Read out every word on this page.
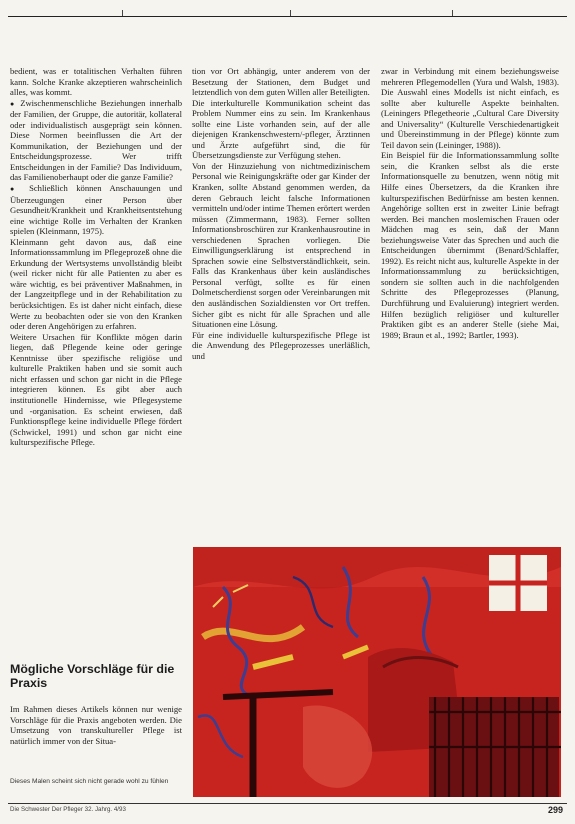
bedient, was er totalitischen Verhalten führen kann. Solche Kranke akzeptieren wahrscheinlich alles, was kommt.

● Zwischenmenschliche Beziehungen innerhalb der Familien, der Gruppe, die autoritär, kollateral oder individualistisch ausgeprägt sein können. Diese Normen beeinflussen die Art der Kommunikation, der Beziehungen und der Entscheidungsprozesse. Wer trifft Entscheidungen in der Familie? Das Individuum, das Familienoberhaupt oder die ganze Familie?

● Schließlich können Anschauungen und Überzeugungen einer Person über Gesundheit/Krankheit und Krankheitsentstehung eine wichtige Rolle im Verhalten der Kranken spielen (Kleinmann, 1975).

Kleinmann geht davon aus, daß eine Informationssammlung im Pflegeprozeß ohne die Erkundung der Wertsystems unvollständig bleibt (weil ricker nicht für alle Patienten zu aber es wäre wichtig, es bei präventiver Maßnahmen, in der Langzeitpflege und in der Rehabilitation zu berücksichtigen. Es ist daher nicht einfach, diese Werte zu beobachten oder sie von den Kranken oder deren Angehörigen zu erfahren.

Weitere Ursachen für Konflikte mögen darin liegen, daß Pflegende keine oder geringe Kenntnisse über spezifische religiöse und kulturelle Praktiken haben und sie somit auch nicht erfassen und schon gar nicht in die Pflege integrieren können. Es gibt aber auch institutionelle Hindernisse, wie Pflegesysteme und -organisation. Es scheint erwiesen, daß Funktionspflege keine individuelle Pflege fördert (Schwickel, 1991) und schon gar nicht eine kulturspezifische Pflege.

Mögliche Vorschläge für die Praxis

Im Rahmen dieses Artikels können nur wenige Vorschläge für die Praxis angeboten werden. Die Umsetzung von transkultureller Pflege ist natürlich immer von der Situa-

Dieses Malen scheint sich nicht gerade wohl zu fühlen

tion vor Ort abhängig, unter anderem von der Besetzung der Stationen, dem Budget und letztendlich von dem guten Willen aller Beteiligten.

Die interkulturelle Kommunikation scheint das Problem Nummer eins zu sein. Im Krankenhaus sollte eine Liste vorhanden sein, auf der alle diejenigen Krankenschwestern/-pfleger, Ärztinnen und Ärzte aufgeführt sind, die für Übersetzungsdienste zur Verfügung stehen.

Von der Hinzuziehung von nichtmedizinischem Personal wie Reinigungskräfte oder gar Kinder der Kranken, sollte Abstand genommen werden, da deren Gebrauch leicht falsche Informationen vermitteln und/oder intime Themen erörtert werden müssen (Zimmermann, 1983). Ferner sollten Informationsbroschüren zur Krankenhausroutine in verschiedenen Sprachen vorliegen. Die Einwilligungserklärung ist entsprechend in Sprachen sowie eine Selbstverständlichkeit, sein. Falls das Krankenhaus über kein ausländisches Personal verfügt, sollte es für einen Dolmetscherdienst sorgen oder Vereinbarungen mit den ausländischen Sozialdiensten vor Ort treffen. Sicher gibt es nicht für alle Sprachen und alle Situationen eine Lösung.

Für eine individuelle kulturspezifische Pflege ist die Anwendung des Pflegeprozesses unerläßlich, und

zwar in Verbindung mit einem beziehungsweise mehreren Pflegemodellen (Yura und Walsh, 1983). Die Auswahl eines Modells ist nicht einfach, es sollte aber kulturelle Aspekte beinhalten. (Leiningers Pflegetheorie „Cultural Care Diversity and Universality“ (Kulturelle Verschiedenartigkeit und Übereinstimmung in der Pflege) könnte zum Teil davon sein (Leininger, 1988)).

Ein Beispiel für die Informationssammlung sollte sein, die Kranken selbst als die erste Informationsquelle zu benutzen, wenn nötig mit Hilfe eines Übersetzers, da die Kranken ihre kulturspezifischen Bedürfnisse am besten kennen. Angehörige sollten erst in zweiter Linie befragt werden. Bei manchen moslemischen Frauen oder Mädchen mag es sein, daß der Mann beziehungsweise Vater das Sprechen und auch die Entscheidungen übernimmt (Benard/Schlaffer, 1992). Es reicht nicht aus, kulturelle Aspekte in der Informationssammlung zu berücksichtigen, sondern sie sollten auch in die nachfolgenden Schritte des Pflegeprozesses (Planung, Durchführung und Evaluierung) integriert werden. Hilfen bezüglich religiöser und kultureller Praktiken gibt es an anderer Stelle (siehe Mai, 1989; Braun et al., 1992; Bartler, 1993).

Die Schwester Der Pfleger 32. Jahrg. 4/93	299
